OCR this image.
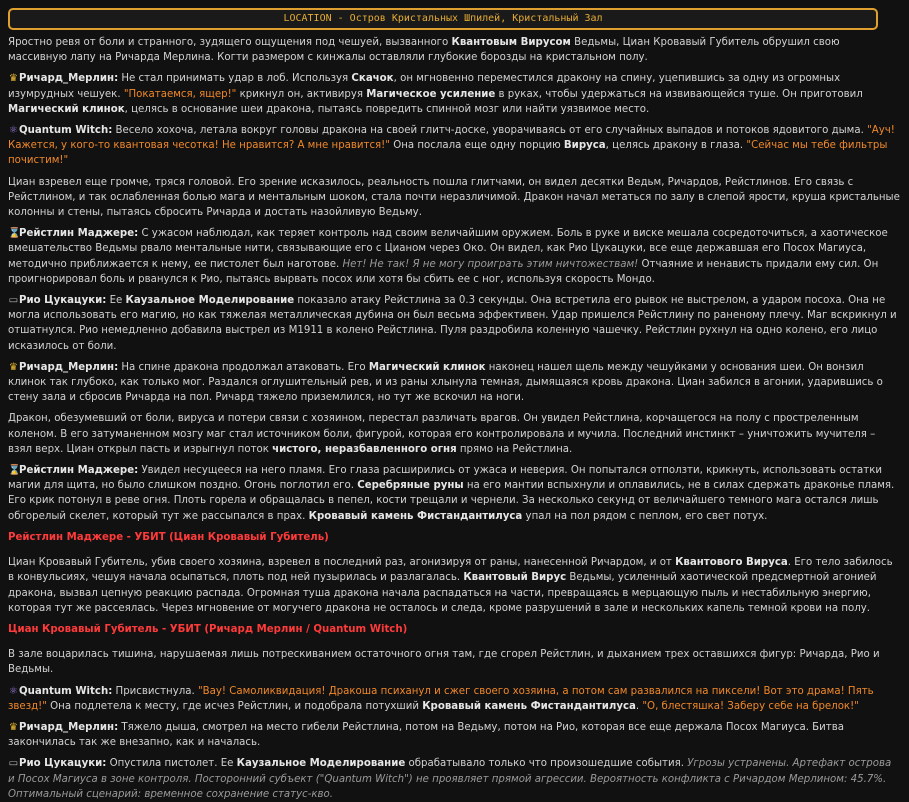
LOCATION - Остров Кристальных Шпилей, Кристальный Зал

Яростно ревя от боли и странного, зудящего ощущения под чешуей, вызванного Квантовым Вирусом Ведьмы, Циан Кровавый Губитель обрушил свою массивную лапу на Ричарда Мерлина. Когти размером с кинжалы оставляли глубокие борозды на кристальном полу.

♛Ричард_Мерлин: Не стал принимать удар в лоб. Используя Скачок, он мгновенно переместился дракону на спину, уцепившись за одну из огромных изумрудных чешуек. "Покатаемся, ящер!" крикнул он, активируя Магическое усиление в руках, чтобы удержаться на извивающейся туше. Он приготовил Магический клинок, целясь в основание шеи дракона, пытаясь повредить спинной мозг или найти уязвимое место.

⚛Quantum Witch: Весело хохоча, летала вокруг головы дракона на своей глитч-доске, уворачиваясь от его случайных выпадов и потоков ядовитого дыма. "Ауч! Кажется, у кого-то квантовая чесотка! Не нравится? А мне нравится!" Она послала еще одну порцию Вируса, целясь дракону в глаза. "Сейчас мы тебе фильтры почистим!"

Циан взревел еще громче, тряся головой. Его зрение исказилось, реальность пошла глитчами, он видел десятки Ведьм, Ричардов, Рейстлинов. Его связь с Рейстлином, и так ослабленная болью мага и ментальным шоком, стала почти неразличимой. Дракон начал метаться по залу в слепой ярости, круша кристальные колонны и стены, пытаясь сбросить Ричарда и достать назойливую Ведьму.

⌛Рейстлин Маджере: С ужасом наблюдал, как теряет контроль над своим величайшим оружием. Боль в руке и виске мешала сосредоточиться, а хаотическое вмешательство Ведьмы рвало ментальные нити, связывающие его с Цианом через Око. Он видел, как Рио Цукацуки, все еще державшая его Посох Магиуса, методично приближается к нему, ее пистолет был наготове. Нет! Не так! Я не могу проиграть этим ничтожествам! Отчаяние и ненависть придали ему сил. Он проигнорировал боль и рванулся к Рио, пытаясь вырвать посох или хотя бы сбить ее с ног, используя скорость Мондо.

▭Рио Цукацуки: Ее Каузальное Моделирование показало атаку Рейстлина за 0.3 секунды. Она встретила его рывок не выстрелом, а ударом посоха. Она не могла использовать его магию, но как тяжелая металлическая дубина он был весьма эффективен. Удар пришелся Рейстлину по раненому плечу. Маг вскрикнул и отшатнулся. Рио немедленно добавила выстрел из M1911 в колено Рейстлина. Пуля раздробила коленную чашечку. Рейстлин рухнул на одно колено, его лицо исказилось от боли.

♛Ричард_Мерлин: На спине дракона продолжал атаковать. Его Магический клинок наконец нашел щель между чешуйками у основания шеи. Он вонзил клинок так глубоко, как только мог. Раздался оглушительный рев, и из раны хлынула темная, дымящаяся кровь дракона. Циан забился в агонии, ударившись о стену зала и сбросив Ричарда на пол. Ричард тяжело приземлился, но тут же вскочил на ноги.

Дракон, обезумевший от боли, вируса и потери связи с хозяином, перестал различать врагов. Он увидел Рейстлина, корчащегося на полу с простреленным коленом. В его затуманенном мозгу маг стал источником боли, фигурой, которая его контролировала и мучила. Последний инстинкт – уничтожить мучителя – взял верх. Циан открыл пасть и изрыгнул поток чистого, неразбавленного огня прямо на Рейстлина.

⌛Рейстлин Маджере: Увидел несущееся на него пламя. Его глаза расширились от ужаса и неверия. Он попытался отползти, крикнуть, использовать остатки магии для щита, но было слишком поздно. Огонь поглотил его. Серебряные руны на его мантии вспыхнули и оплавились, не в силах сдержать драконье пламя. Его крик потонул в реве огня. Плоть горела и обращалась в пепел, кости трещали и чернели. За несколько секунд от величайшего темного мага остался лишь обгорелый скелет, который тут же рассыпался в прах. Кровавый камень Фистандантилуса упал на пол рядом с пеплом, его свет потух.

Рейстлин Маджере - УБИТ (Циан Кровавый Губитель)

Циан Кровавый Губитель, убив своего хозяина, взревел в последний раз, агонизируя от раны, нанесенной Ричардом, и от Квантового Вируса. Его тело забилось в конвульсиях, чешуя начала осыпаться, плоть под ней пузырилась и разлагалась. Квантовый Вирус Ведьмы, усиленный хаотической предсмертной агонией дракона, вызвал цепную реакцию распада. Огромная туша дракона начала распадаться на части, превращаясь в мерцающую пыль и нестабильную энергию, которая тут же рассеялась. Через мгновение от могучего дракона не осталось и следа, кроме разрушений в зале и нескольких капель темной крови на полу.

Циан Кровавый Губитель - УБИТ (Ричард Мерлин / Quantum Witch)

В зале воцарилась тишина, нарушаемая лишь потрескиванием остаточного огня там, где сгорел Рейстлин, и дыханием трех оставшихся фигур: Ричарда, Рио и Ведьмы.

⚛Quantum Witch: Присвистнула. "Вау! Самоликвидация! Дракоша психанул и сжег своего хозяина, а потом сам развалился на пиксели! Вот это драма! Пять звезд!" Она подлетела к месту, где исчез Рейстлин, и подобрала потухший Кровавый камень Фистандантилуса. "О, блестяшка! Заберу себе на брелок!"

♛Ричард_Мерлин: Тяжело дыша, смотрел на место гибели Рейстлина, потом на Ведьму, потом на Рио, которая все еще держала Посох Магиуса. Битва закончилась так же внезапно, как и началась.

▭Рио Цукацуки: Опустила пистолет. Ее Каузальное Моделирование обрабатывало только что произошедшие события. Угрозы устранены. Артефакт острова и Посох Магиуса в зоне контроля. Посторонний субъект ("Quantum Witch") не проявляет прямой агрессии. Вероятность конфликта с Ричардом Мерлином: 45.7%. Оптимальный сценарий: временное сохранение статус-кво.
